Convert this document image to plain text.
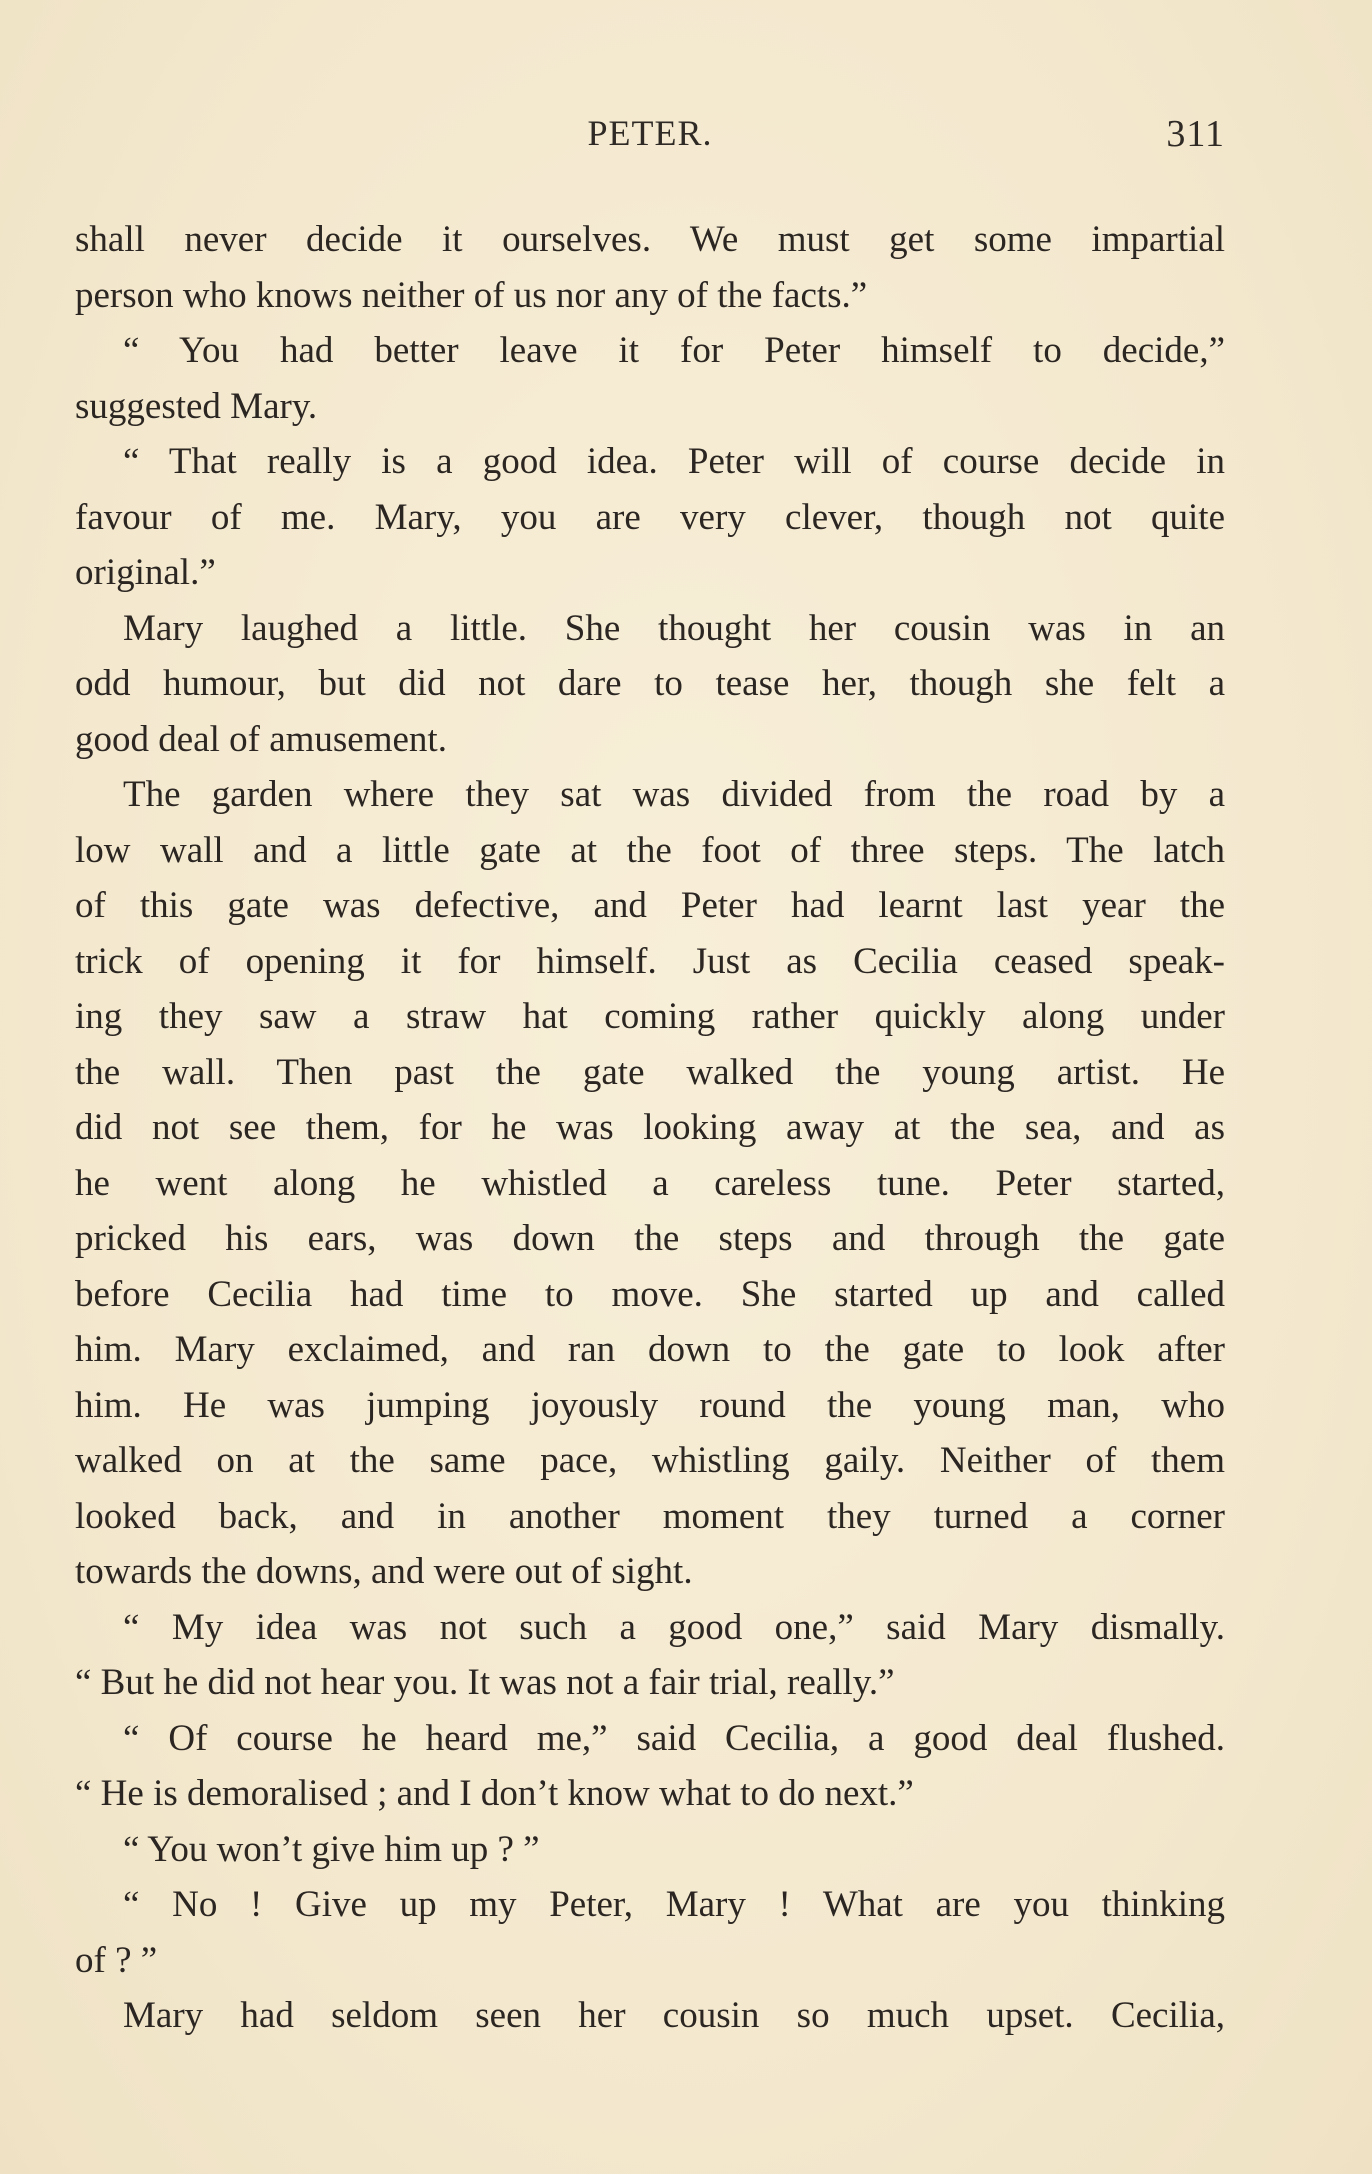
PETER.	311
shall never decide it ourselves. We must get some impartial
person who knows neither of us nor any of the facts.”
“ You had better leave it for Peter himself to decide,”
suggested Mary.
“ That really is a good idea. Peter will of course decide in
favour of me. Mary, you are very clever, though not quite
original.”
Mary laughed a little. She thought her cousin was in an
odd humour, but did not dare to tease her, though she felt a
good deal of amusement.
The garden where they sat was divided from the road by a
low wall and a little gate at the foot of three steps. The latch
of this gate was defective, and Peter had learnt last year the
trick of opening it for himself. Just as Cecilia ceased speak-
ing they saw a straw hat coming rather quickly along under
the wall. Then past the gate walked the young artist. He
did not see them, for he was looking away at the sea, and as
he went along he whistled a careless tune. Peter started,
pricked his ears, was down the steps and through the gate
before Cecilia had time to move. She started up and called
him. Mary exclaimed, and ran down to the gate to look after
him. He was jumping joyously round the young man, who
walked on at the same pace, whistling gaily. Neither of them
looked back, and in another moment they turned a corner
towards the downs, and were out of sight.
“ My idea was not such a good one,” said Mary dismally.
“ But he did not hear you. It was not a fair trial, really.”
“ Of course he heard me,” said Cecilia, a good deal flushed.
“ He is demoralised ; and I don’t know what to do next.”
“ You won’t give him up ? ”
“ No ! Give up my Peter, Mary ! What are you thinking
of ? ”
Mary had seldom seen her cousin so much upset. Cecilia,
